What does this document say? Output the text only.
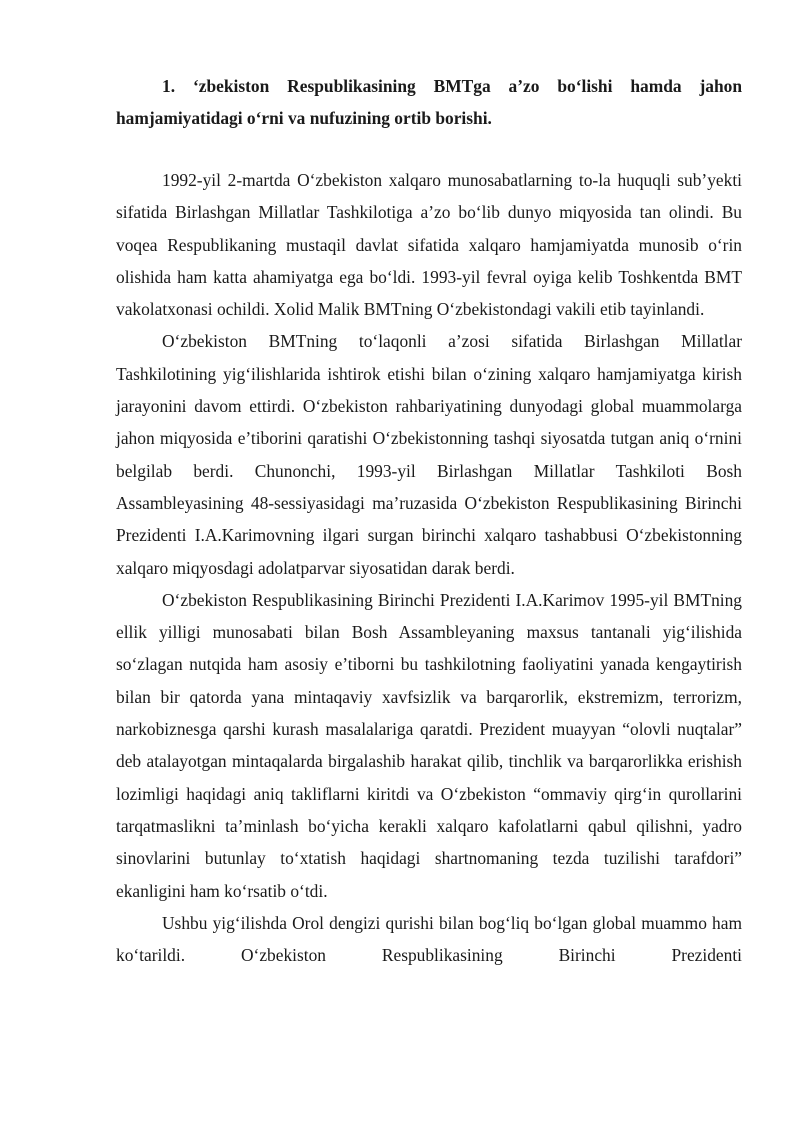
1. ‘zbekiston Respublikasining BMTga a’zo bo‘lishi hamda jahon hamjamiyatidagi o‘rni va nufuzining ortib borishi.

1992-yil 2-martda O‘zbekiston xalqaro munosabatlarning to-la huquqli sub’yekti sifatida Birlashgan Millatlar Tashkilotiga a’zo bo‘lib dunyo miqyosida tan olindi. Bu voqea Respublikaning mustaqil davlat sifatida xalqaro hamjamiyatda munosib o‘rin olishida ham katta ahamiyatga ega bo‘ldi. 1993-yil fevral oyiga kelib Toshkentda BMT vakolatxonasi ochildi. Xolid Malik BMTning O‘zbekistondagi vakili etib tayinlandi.

O‘zbekiston BMTning to‘laqonli a’zosi sifatida Birlashgan Millatlar Tashkilotining yig‘ilishlarida ishtirok etishi bilan o‘zining xalqaro hamjamiyatga kirish jarayonini davom ettirdi. O‘zbekiston rahbariyatining dunyodagi global muammolarga jahon miqyosida e’tiborini qaratishi O‘zbekistonning tashqi siyosatda tutgan aniq o‘rnini belgilab berdi. Chunonchi, 1993-yil Birlashgan Millatlar Tashkiloti Bosh Assambleyasining 48-sessiyasidagi ma’ruzasida O‘zbekiston Respublikasining Birinchi Prezidenti I.A.Karimovning ilgari surgan birinchi xalqaro tashabbusi O‘zbekistonning xalqaro miqyosdagi adolatparvar siyosatidan darak berdi.

O‘zbekiston Respublikasining Birinchi Prezidenti I.A.Karimov 1995-yil BMTning ellik yilligi munosabati bilan Bosh Assambleyaning maxsus tantanali yig‘ilishida so‘zlagan nutqida ham asosiy e’tiborni bu tashkilotning faoliyatini yanada kengaytirish bilan bir qatorda yana mintaqaviy xavfsizlik va barqarorlik, ekstremizm, terrorizm, narkobiznesga qarshi kurash masalalariga qaratdi. Prezident muayyan “olovli nuqtalar” deb atalayotgan mintaqalarda birgalashib harakat qilib, tinchlik va barqarorlikka erishish lozimligi haqidagi aniq takliflarni kiritdi va O‘zbekiston “ommaviy qirg‘in qurollarini tarqatmaslikni ta’minlash bo‘yicha kerakli xalqaro kafolatlarni qabul qilishni, yadro sinovlarini butunlay to‘xtatish haqidagi shartnomaning tezda tuzilishi tarafdori” ekanligini ham ko‘rsatib o‘tdi.

Ushbu yig‘ilishda Orol dengizi qurishi bilan bog‘liq bo‘lgan global muammo ham ko‘tarildi. O‘zbekiston Respublikasining Birinchi Prezidenti
